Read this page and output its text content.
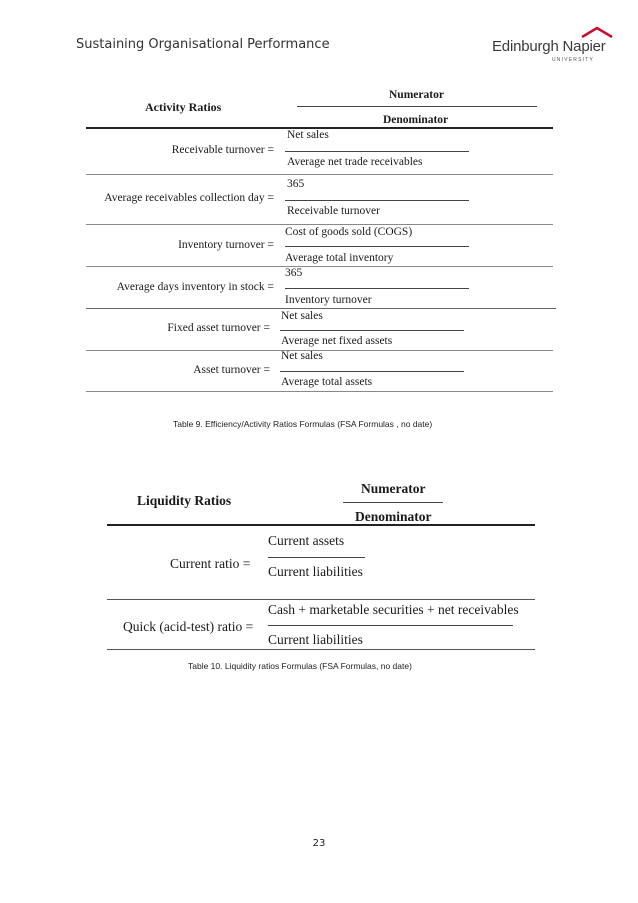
Sustaining Organisational Performance	Edinburgh Napier
UNIVERSITY
Activity Ratios
Numerator
Denominator
Receivable turnover =
Net sales
Average net trade receivables
Average receivables collection day =
365
Receivable turnover
Inventory turnover =
Cost of goods sold (COGS)
Average total inventory
Average days inventory in stock =
365
Inventory turnover
Fixed asset turnover =
Net sales
Average net fixed assets
Asset turnover =
Net sales
Average total assets
Table 9. Efficiency/Activity Ratios Formulas (FSA Formulas , no date)
Liquidity Ratios
Numerator
Denominator
Current ratio =
Current assets
Current liabilities
Quick (acid-test) ratio =
Cash + marketable securities + net receivables
Current liabilities
Table 10. Liquidity ratios Formulas (FSA Formulas, no date)
23
